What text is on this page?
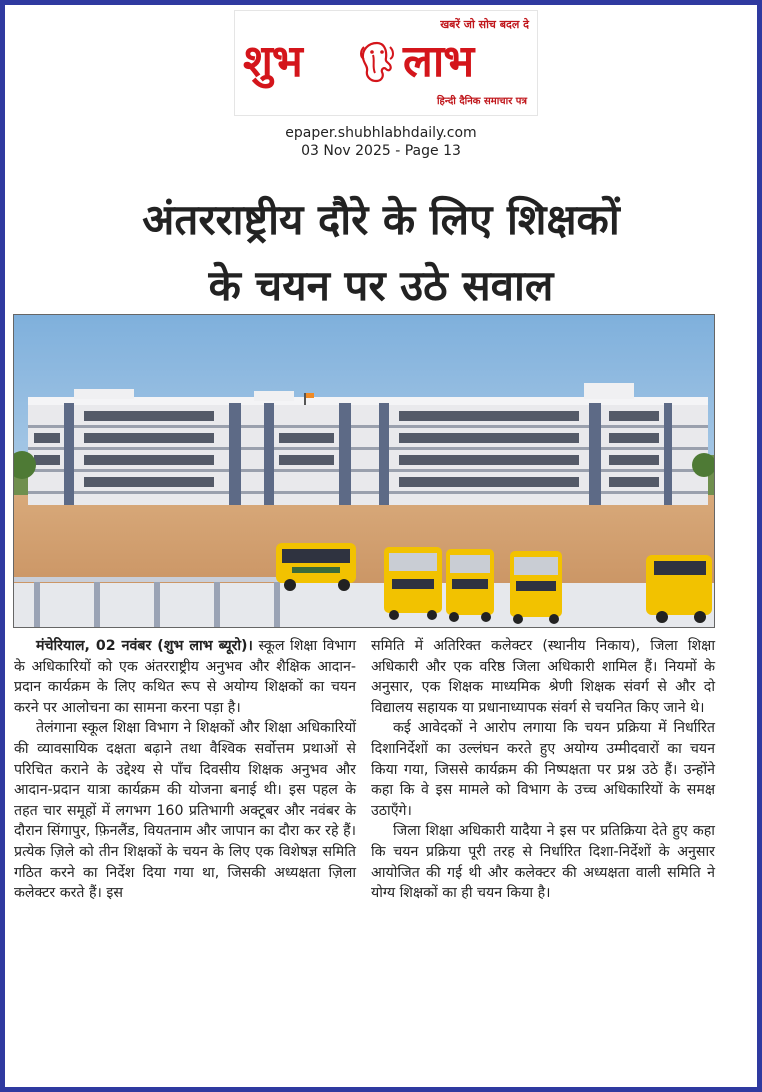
खबरें जो सोच बदल दे
शुभ लाभ
हिन्दी दैनिक समाचार पत्र
epaper.shubhlabhdaily.com
03 Nov 2025 - Page 13
अंतरराष्ट्रीय दौरे के लिए शिक्षकों
के चयन पर उठे सवाल

मंचेरियाल, 02 नवंबर (शुभ लाभ ब्यूरो)। स्कूल शिक्षा विभाग के अधिकारियों को एक अंतरराष्ट्रीय अनुभव और शैक्षिक आदान-प्रदान कार्यक्रम के लिए कथित रूप से अयोग्य शिक्षकों का चयन करने पर आलोचना का सामना करना पड़ा है।

तेलंगाना स्कूल शिक्षा विभाग ने शिक्षकों और शिक्षा अधिकारियों की व्यावसायिक दक्षता बढ़ाने तथा वैश्विक सर्वोत्तम प्रथाओं से परिचित कराने के उद्देश्य से पाँच दिवसीय शिक्षक अनुभव और आदान-प्रदान यात्रा कार्यक्रम की योजना बनाई थी। इस पहल के तहत चार समूहों में लगभग 160 प्रतिभागी अक्टूबर और नवंबर के दौरान सिंगापुर, फ़िनलैंड, वियतनाम और जापान का दौरा कर रहे हैं।प्रत्येक ज़िले को तीन शिक्षकों के चयन के लिए एक विशेषज्ञ समिति गठित करने का निर्देश दिया गया था, जिसकी अध्यक्षता ज़िला कलेक्टर करते हैं। इस

समिति में अतिरिक्त कलेक्टर (स्थानीय निकाय), जिला शिक्षा अधिकारी और एक वरिष्ठ जिला अधिकारी शामिल हैं। नियमों के अनुसार, एक शिक्षक माध्यमिक श्रेणी शिक्षक संवर्ग से और दो विद्यालय सहायक या प्रधानाध्यापक संवर्ग से चयनित किए जाने थे।

कई आवेदकों ने आरोप लगाया कि चयन प्रक्रिया में निर्धारित दिशानिर्देशों का उल्लंघन करते हुए अयोग्य उम्मीदवारों का चयन किया गया, जिससे कार्यक्रम की निष्पक्षता पर प्रश्न उठे हैं। उन्होंने कहा कि वे इस मामले को विभाग के उच्च अधिकारियों के समक्ष उठाएँगे।

जिला शिक्षा अधिकारी यादैया ने इस पर प्रतिक्रिया देते हुए कहा कि चयन प्रक्रिया पूरी तरह से निर्धारित दिशा-निर्देशों के अनुसार आयोजित की गई थी और कलेक्टर की अध्यक्षता वाली समिति ने योग्य शिक्षकों का ही चयन किया है।
